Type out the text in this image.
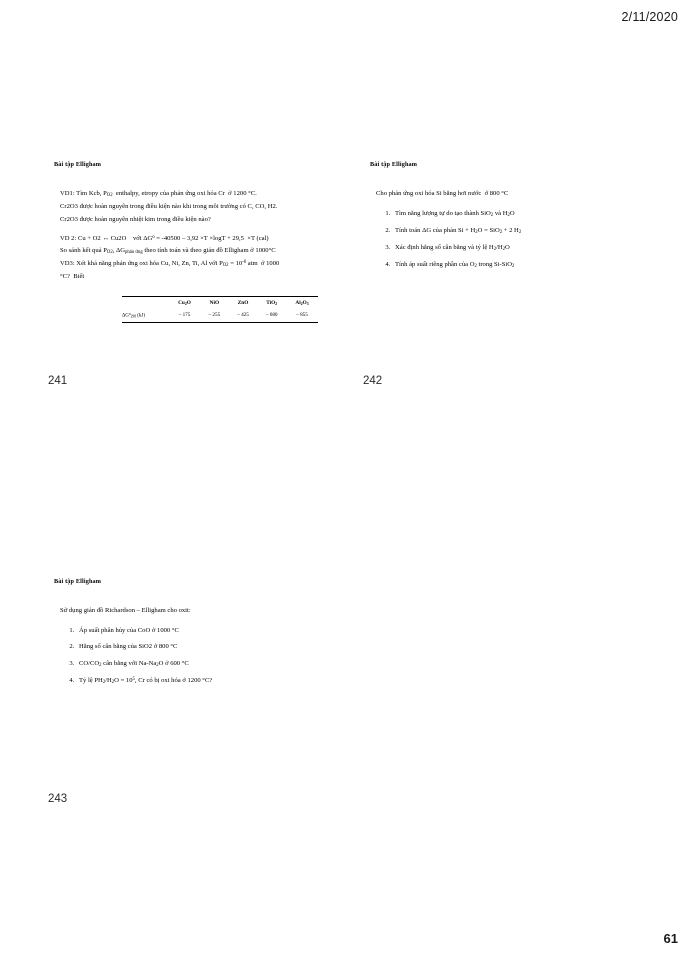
2/11/2020
Bài tập Elligham
VD1: Tìm Kcb, $P_{O2}$  enthalpy, etropy của phản ứng oxi hóa Cr  ở 1200 °C.
Cr2O3 được hoàn nguyên trong điều kiện nào khi trong môi trường có C, CO, H2.
Cr2O3 được hoàn nguyên nhiệt kim trong điều kiện nào?
VD 2: Cu + O2 ↔ Cu2O    với $\Delta G^o = -40500 - 3,92 \times T \times\log T + 29,5 \times T$ (cal)
So sánh kết quả $P_{O2}$, $\Delta G_{phản ứng}$ theo tính toán và theo giản đồ Elligham ở 1000°C
VD3: Xét khả năng phản ứng oxi hóa Cu, Ni, Zn, Ti, Al với $P_{O2} = 10^{-6}$ atm  ở 1000
°C?  Biết
	$Cu_2O$	NiO	ZnO	TiO$_2$	$Al_2O_3$
$\Delta G^o_{298}$ (kJ)	– 175	– 255	– 425	– 680	– 855
Bài tập Elligham
Cho phản ứng oxi hóa Si bằng hơi nước  ở 800 °C
1. Tìm năng lượng tự do tạo thành SiO$_2$ và $H_2O$
2. Tính toán ΔG của phản $Si + H_2O = SiO_2 + 2$ $H_2$
3. Xác định hằng số cân bằng và tỷ lệ $H_2/H_2O$
4. Tính áp suất riêng phần của $O_2$ trong Si-SiO$_2$
Bài tập Elligham
Sử dụng giản đồ Richardson – Elligham cho oxit:
1. Áp suất phân hủy của CoO ở 1000 °C
2. Hằng số cân bằng của SiO2 ở 800 °C
3. $CO/CO_2$ cân bằng với $Na-Na_2O$ ở 600 °C
4. Tỷ lệ $PH_2/H_2O = 10^5$, Cr có bị oxi hóa ở 1200 °C?
241	242
243
61
